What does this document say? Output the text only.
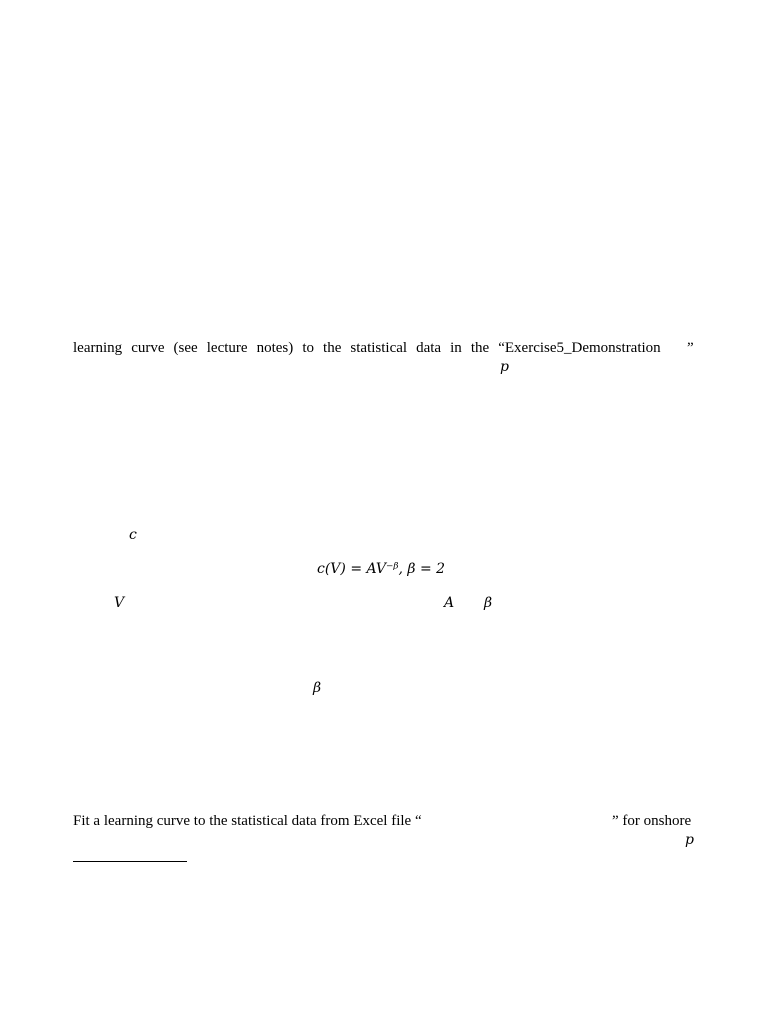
learning curve (see lecture notes) to the statistical data in the “Exercise5_Demonstration ”
p
c
c(V) = AV⁻ᵝ, β = 2
V	A β
β
Fit a learning curve to the statistical data from Excel file “	” for onshore
p
